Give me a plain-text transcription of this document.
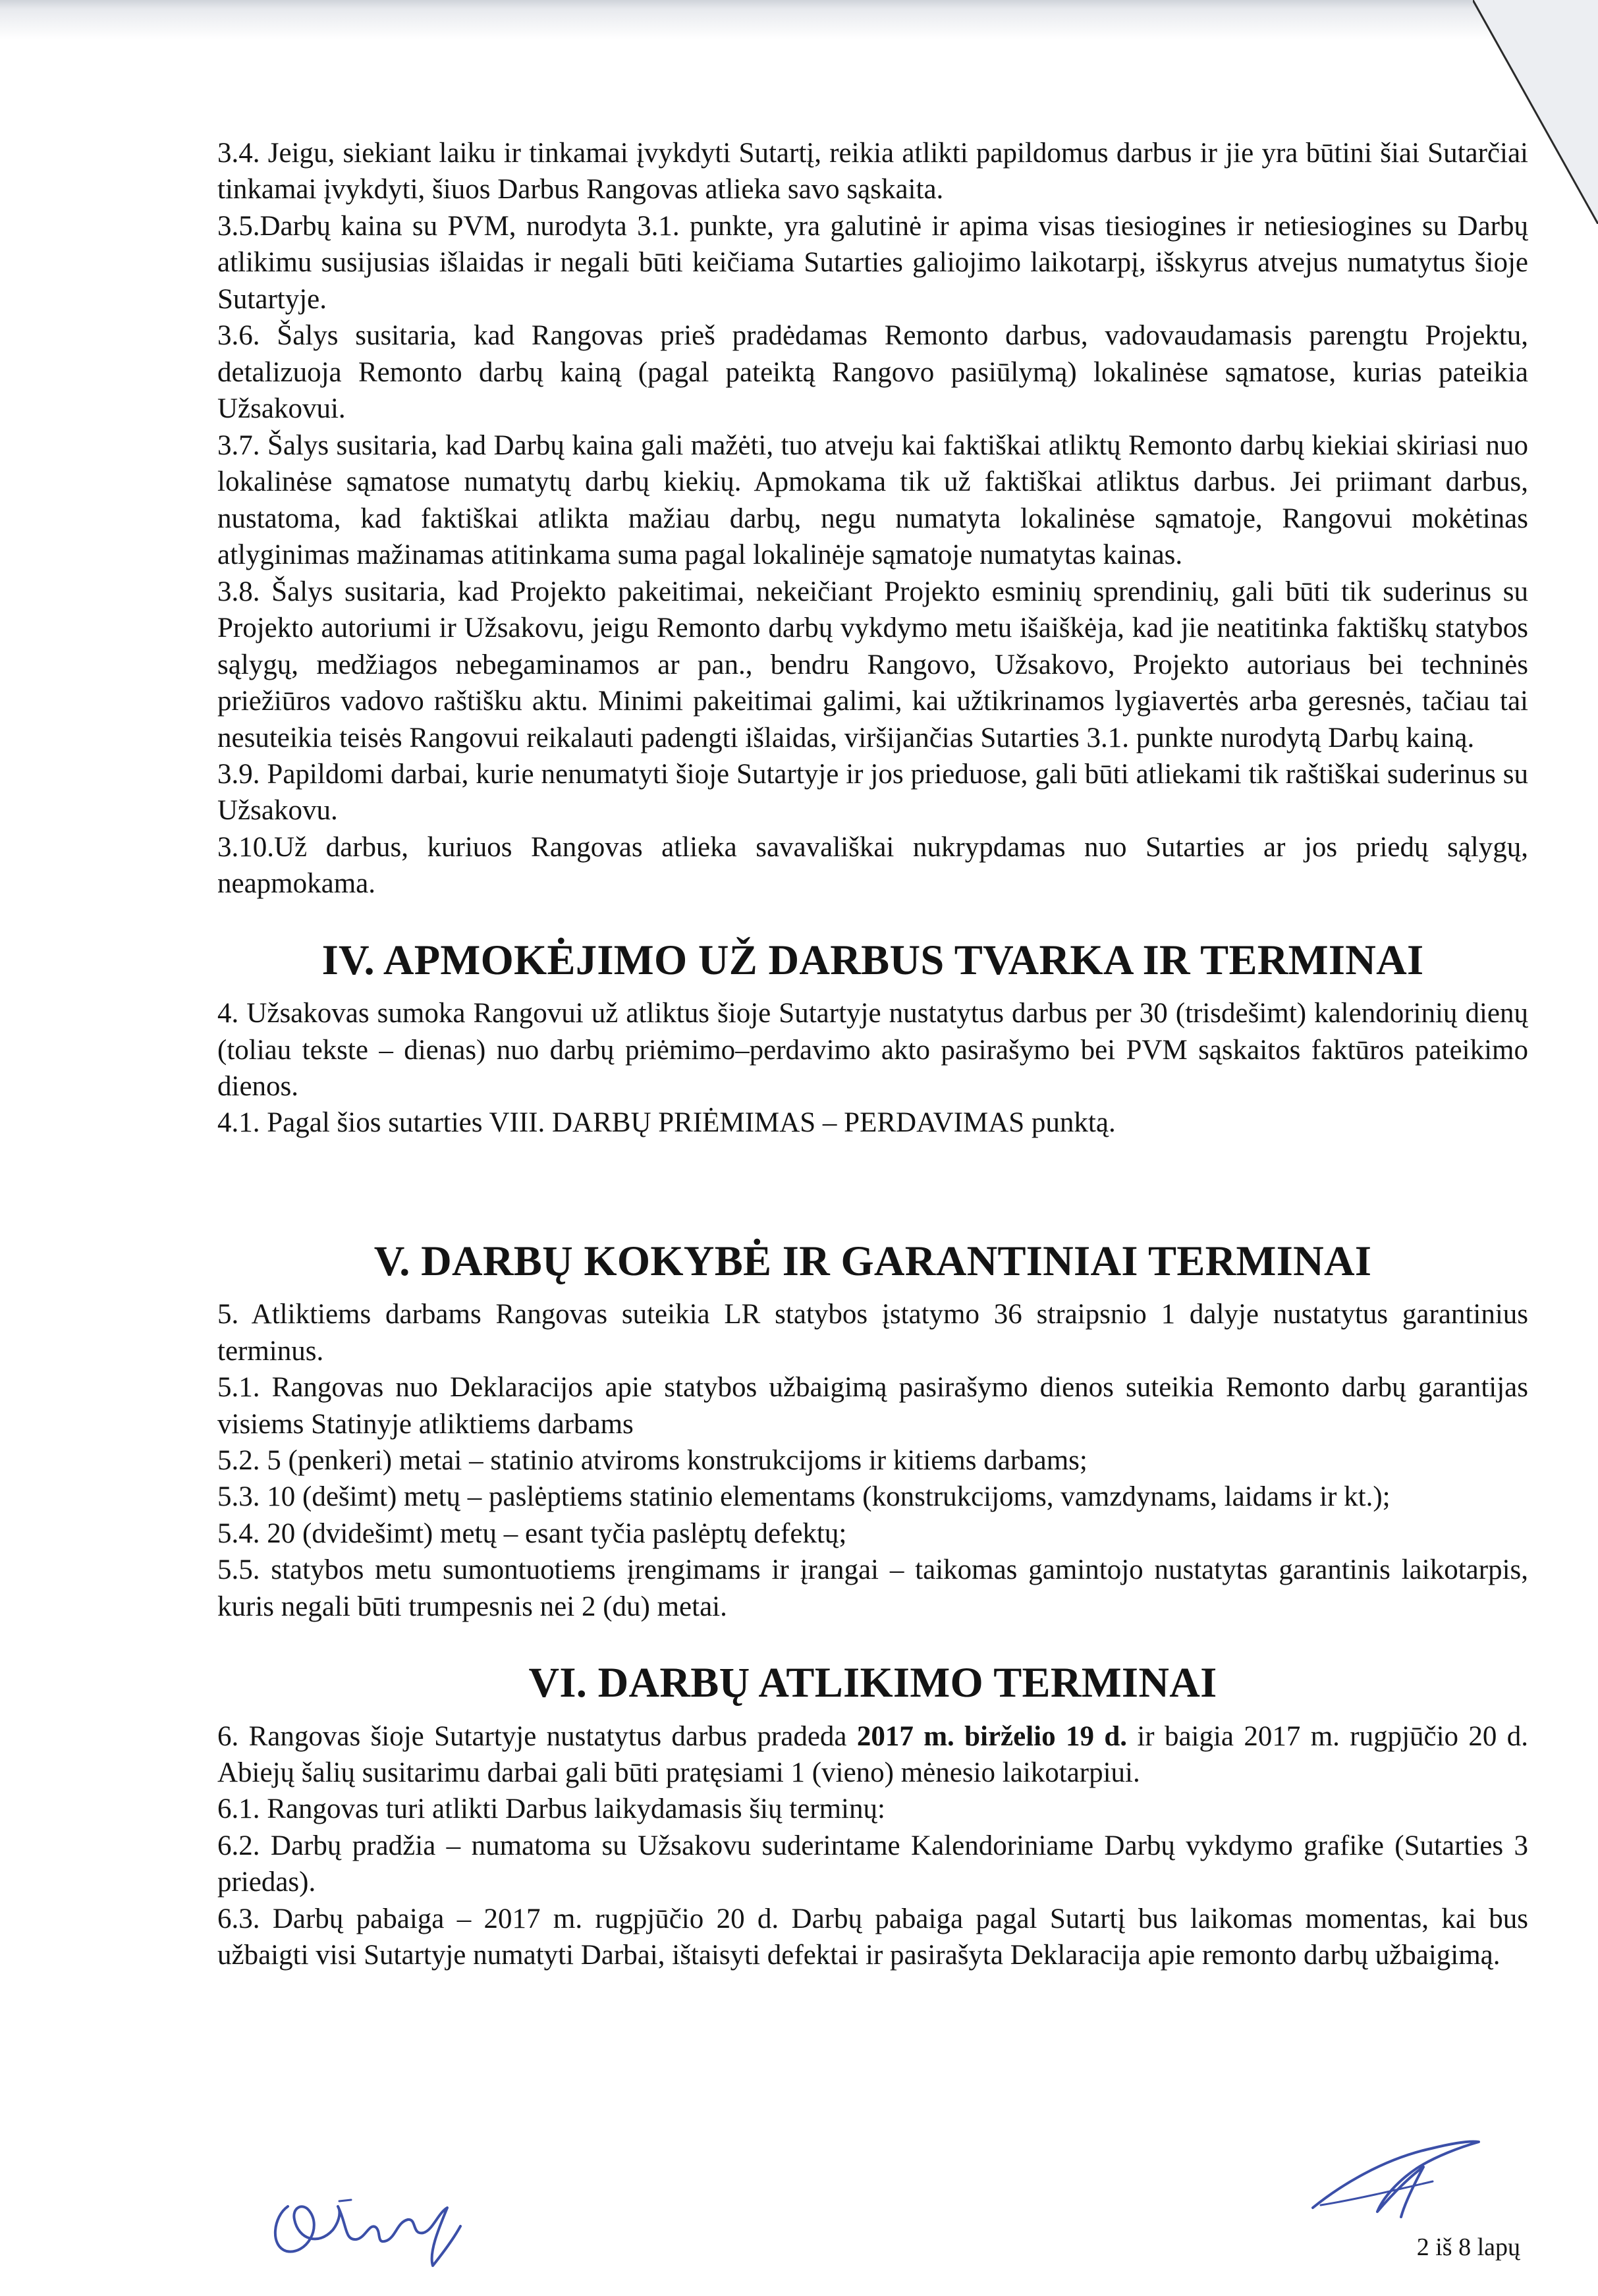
3.4. Jeigu, siekiant laiku ir tinkamai įvykdyti Sutartį, reikia atlikti papildomus darbus ir jie yra būtini šiai Sutarčiai tinkamai įvykdyti, šiuos Darbus Rangovas atlieka savo sąskaita.

3.5.Darbų kaina su PVM, nurodyta 3.1. punkte, yra galutinė ir apima visas tiesiogines ir netiesiogines su Darbų atlikimu susijusias išlaidas ir negali būti keičiama Sutarties galiojimo laikotarpį, išskyrus atvejus numatytus šioje Sutartyje.

3.6. Šalys susitaria, kad Rangovas prieš pradėdamas Remonto darbus, vadovaudamasis parengtu Projektu, detalizuoja Remonto darbų kainą (pagal pateiktą Rangovo pasiūlymą) lokalinėse sąmatose, kurias pateikia Užsakovui.

3.7. Šalys susitaria, kad Darbų kaina gali mažėti, tuo atveju kai faktiškai atliktų Remonto darbų kiekiai skiriasi nuo lokalinėse sąmatose numatytų darbų kiekių. Apmokama tik už faktiškai atliktus darbus. Jei priimant darbus, nustatoma, kad faktiškai atlikta mažiau darbų, negu numatyta lokalinėse sąmatoje, Rangovui mokėtinas atlyginimas mažinamas atitinkama suma pagal lokalinėje sąmatoje numatytas kainas.

3.8. Šalys susitaria, kad Projekto pakeitimai, nekeičiant Projekto esminių sprendinių, gali būti tik suderinus su Projekto autoriumi ir Užsakovu, jeigu Remonto darbų vykdymo metu išaiškėja, kad jie neatitinka faktiškų statybos sąlygų, medžiagos nebegaminamos ar pan., bendru Rangovo, Užsakovo, Projekto autoriaus bei techninės priežiūros vadovo raštišku aktu. Minimi pakeitimai galimi, kai užtikrinamos lygiavertės arba geresnės, tačiau tai nesuteikia teisės Rangovui reikalauti padengti išlaidas, viršijančias Sutarties 3.1. punkte nurodytą Darbų kainą.

3.9. Papildomi darbai, kurie nenumatyti šioje Sutartyje ir jos prieduose, gali būti atliekami tik raštiškai suderinus su Užsakovu.

3.10.Už darbus, kuriuos Rangovas atlieka savavališkai nukrypdamas nuo Sutarties ar jos priedų sąlygų, neapmokama.

IV. APMOKĖJIMO UŽ DARBUS TVARKA IR TERMINAI

4. Užsakovas sumoka Rangovui už atliktus šioje Sutartyje nustatytus darbus per 30 (trisdešimt) kalendorinių dienų (toliau tekste – dienas) nuo darbų priėmimo–perdavimo akto pasirašymo bei PVM sąskaitos faktūros pateikimo dienos.

4.1. Pagal šios sutarties VIII. DARBŲ PRIĖMIMAS – PERDAVIMAS punktą.

V. DARBŲ KOKYBĖ IR GARANTINIAI TERMINAI

5. Atliktiems darbams Rangovas suteikia LR statybos įstatymo 36 straipsnio 1 dalyje nustatytus garantinius terminus.

5.1. Rangovas nuo Deklaracijos apie statybos užbaigimą pasirašymo dienos suteikia Remonto darbų garantijas visiems Statinyje atliktiems darbams

5.2. 5 (penkeri) metai – statinio atviroms konstrukcijoms ir kitiems darbams;

5.3. 10 (dešimt) metų – paslėptiems statinio elementams (konstrukcijoms, vamzdynams, laidams ir kt.);

5.4. 20 (dvidešimt) metų – esant tyčia paslėptų defektų;

5.5. statybos metu sumontuotiems įrengimams ir įrangai – taikomas gamintojo nustatytas garantinis laikotarpis, kuris negali būti trumpesnis nei 2 (du) metai.

VI. DARBŲ ATLIKIMO TERMINAI

6. Rangovas šioje Sutartyje nustatytus darbus pradeda 2017 m. birželio 19 d. ir baigia 2017 m. rugpjūčio 20 d. Abiejų šalių susitarimu darbai gali būti pratęsiami 1 (vieno) mėnesio laikotarpiui.

6.1. Rangovas turi atlikti Darbus laikydamasis šių terminų:

6.2. Darbų pradžia – numatoma su Užsakovu suderintame Kalendoriniame Darbų vykdymo grafike (Sutarties 3 priedas).

6.3. Darbų pabaiga – 2017 m. rugpjūčio 20 d. Darbų pabaiga pagal Sutartį bus laikomas momentas, kai bus užbaigti visi Sutartyje numatyti Darbai, ištaisyti defektai ir pasirašyta Deklaracija apie remonto darbų užbaigimą.

2 iš 8 lapų
